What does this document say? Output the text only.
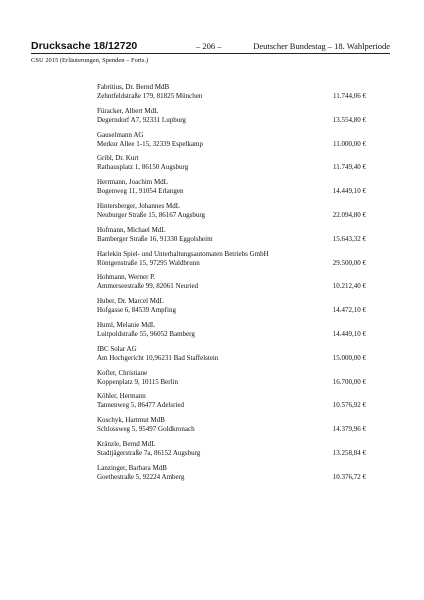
Drucksache 18/12720	– 206 –	Deutscher Bundestag – 18. Wahlperiode
CSU 2015 (Erläuterungen, Spenden – Forts.)
Fabritius, Dr. Bernd MdB
Zehntfeldstraße 179, 81825 München	11.744,06 €
Füracker, Albert MdL
Degerndorf A7, 92331 Lupburg	13.554,80 €
Gauselmann AG
Merkur Allee 1-15, 32339 Espelkamp	11.000,00 €
Gribl, Dr. Kurt
Rathausplatz 1, 86150 Augsburg	11.749,40 €
Herrmann, Joachim MdL
Bogenweg 11, 91054 Erlangen	14.449,10 €
Hintersberger, Johannes MdL
Neuburger Straße 15, 86167 Augsburg	22.094,80 €
Hofmann, Michael MdL
Bamberger Straße 16, 91330 Eggolsheim	15.643,32 €
Harlekin Spiel- und Unterhaltungsautomaten Betriebs GmbH
Röntgenstraße 15, 97295 Waldbrunn	29.500,00 €
Hohmann, Werner P.
Ammerseestraße 99, 82061 Neuried	10.212,40 €
Huber, Dr. Marcel MdL
Hofgasse 6, 84539 Ampfing	14.472,10 €
Huml, Melanie MdL
Luitpoldstraße 55, 96052 Bamberg	14.449,10 €
IBC Solar AG
Am Hochgericht 10,96231 Bad Staffelstein	15.000,00 €
Kofler, Christiane
Koppenplatz 9, 10115 Berlin	16.700,00 €
Köhler, Hermann
Tannenweg 5, 86477 Adelsried	10.576,92 €
Koschyk, Hartmut MdB
Schlossweg 5, 95497 Goldkronach	14.379,96 €
Kränzle, Bernd MdL
Stadtjägerstraße 7a, 86152 Augsburg	13.258,84 €
Lanzinger, Barbara MdB
Goethestraße 5, 92224 Amberg	10.376,72 €
